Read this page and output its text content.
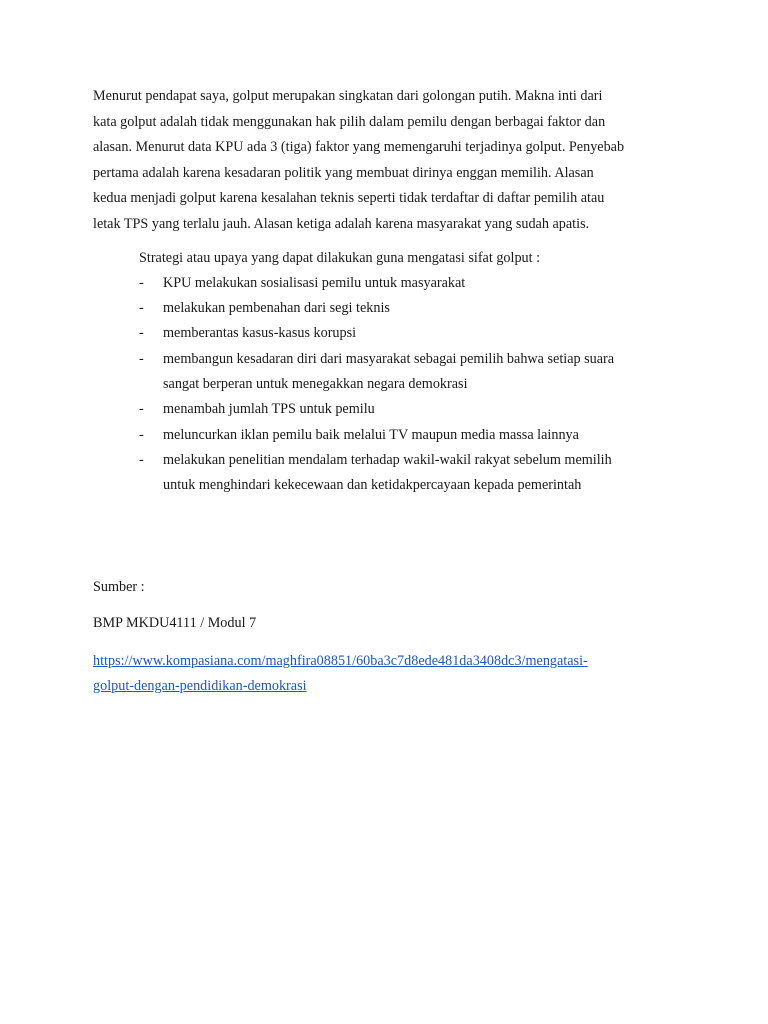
Menurut pendapat saya, golput merupakan singkatan dari golongan putih. Makna inti dari
kata golput adalah tidak menggunakan hak pilih dalam pemilu dengan berbagai faktor dan
alasan. Menurut data KPU ada 3 (tiga) faktor yang memengaruhi terjadinya golput. Penyebab
pertama adalah karena kesadaran politik yang membuat dirinya enggan memilih. Alasan
kedua menjadi golput karena kesalahan teknis seperti tidak terdaftar di daftar pemilih atau
letak TPS yang terlalu jauh. Alasan ketiga adalah karena masyarakat yang sudah apatis.

Strategi atau upaya yang dapat dilakukan guna mengatasi sifat golput :

- KPU melakukan sosialisasi pemilu untuk masyarakat
- melakukan pembenahan dari segi teknis
- memberantas kasus-kasus korupsi
- membangun kesadaran diri dari masyarakat sebagai pemilih bahwa setiap suara
sangat berperan untuk menegakkan negara demokrasi
- menambah jumlah TPS untuk pemilu
- meluncurkan iklan pemilu baik melalui TV maupun media massa lainnya
- melakukan penelitian mendalam terhadap wakil-wakil rakyat sebelum memilih
untuk menghindari kekecewaan dan ketidakpercayaan kepada pemerintah
Sumber :
BMP MKDU4111 / Modul 7
https://www.kompasiana.com/maghfira08851/60ba3c7d8ede481da3408dc3/mengatasi-
golput-dengan-pendidikan-demokrasi
